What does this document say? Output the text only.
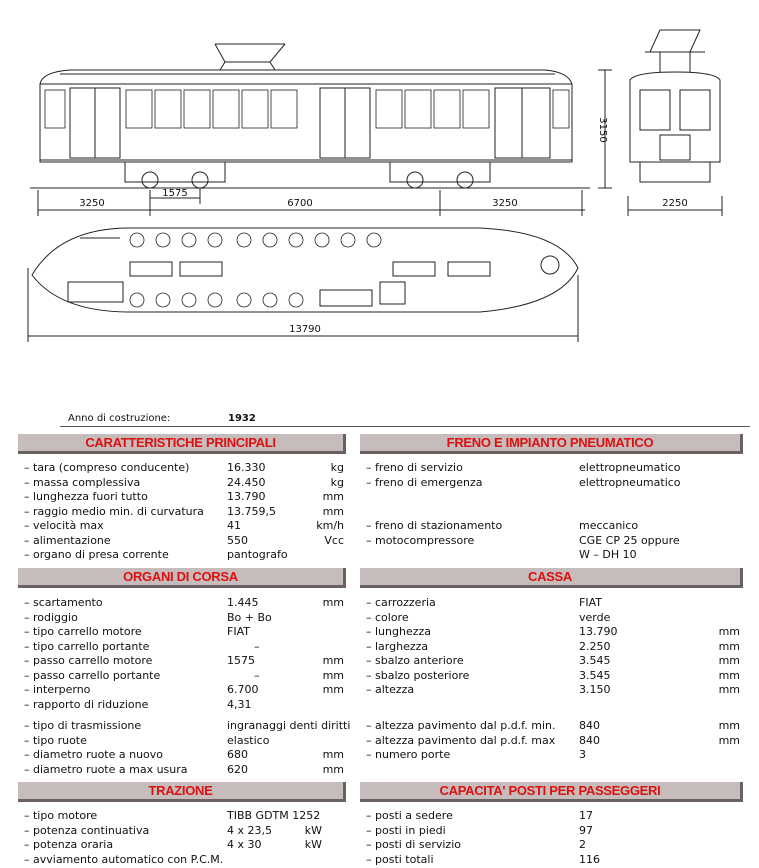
3250
1575
6700	3250
3150
2250
13790
Anno di costruzione:	1932
CARATTERISTICHE PRINCIPALI	FRENO E IMPIANTO PNEUMATICO
ORGANI DI CORSA	CASSA
TRAZIONE	CAPACITA' POSTI PER PASSEGGERI
– tara (compreso conducente)	16.330	kg
– massa complessiva	24.450	kg
– lunghezza fuori tutto	13.790	mm
– raggio medio min. di curvatura 13.759,5	mm
– velocità max	41	km/h
– alimentazione	550	Vcc
– organo di presa corrente	pantografo
– freno di servizio	elettropneumatico
– freno di emergenza	elettropneumatico
– freno di stazionamento	meccanico
– motocompressore	CGE CP 25 oppure
W – DH 10
– scartamento	1.445	mm
– rodiggio	Bo + Bo
– tipo carrello motore	FIAT
– tipo carrello portante	–
– passo carrello motore	1575	mm
– passo carrello portante	–	mm
– interperno	6.700	mm
– rapporto di riduzione	4,31
– tipo di trasmissione	ingranaggi denti diritti
– tipo ruote	elastico
– diametro ruote a nuovo	680	mm
– diametro ruote a max usura	620	mm
– carrozzeria	FIAT
– colore	verde
– lunghezza	13.790	mm
– larghezza	2.250	mm
– sbalzo anteriore	3.545	mm
– sbalzo posteriore	3.545	mm
– altezza	3.150	mm
– altezza pavimento dal p.d.f. min. 840	mm
– altezza pavimento dal p.d.f. max 840	mm
– numero porte	3
– tipo motore	TIBB GDTM 1252
– potenza continuativa	4 x 23,5	kW
– potenza oraria	4 x 30	kW
– avviamento automatico con P.C.M.
– posti a sedere	17
– posti in piedi	97
– posti di servizio	2
– posti totali	116
